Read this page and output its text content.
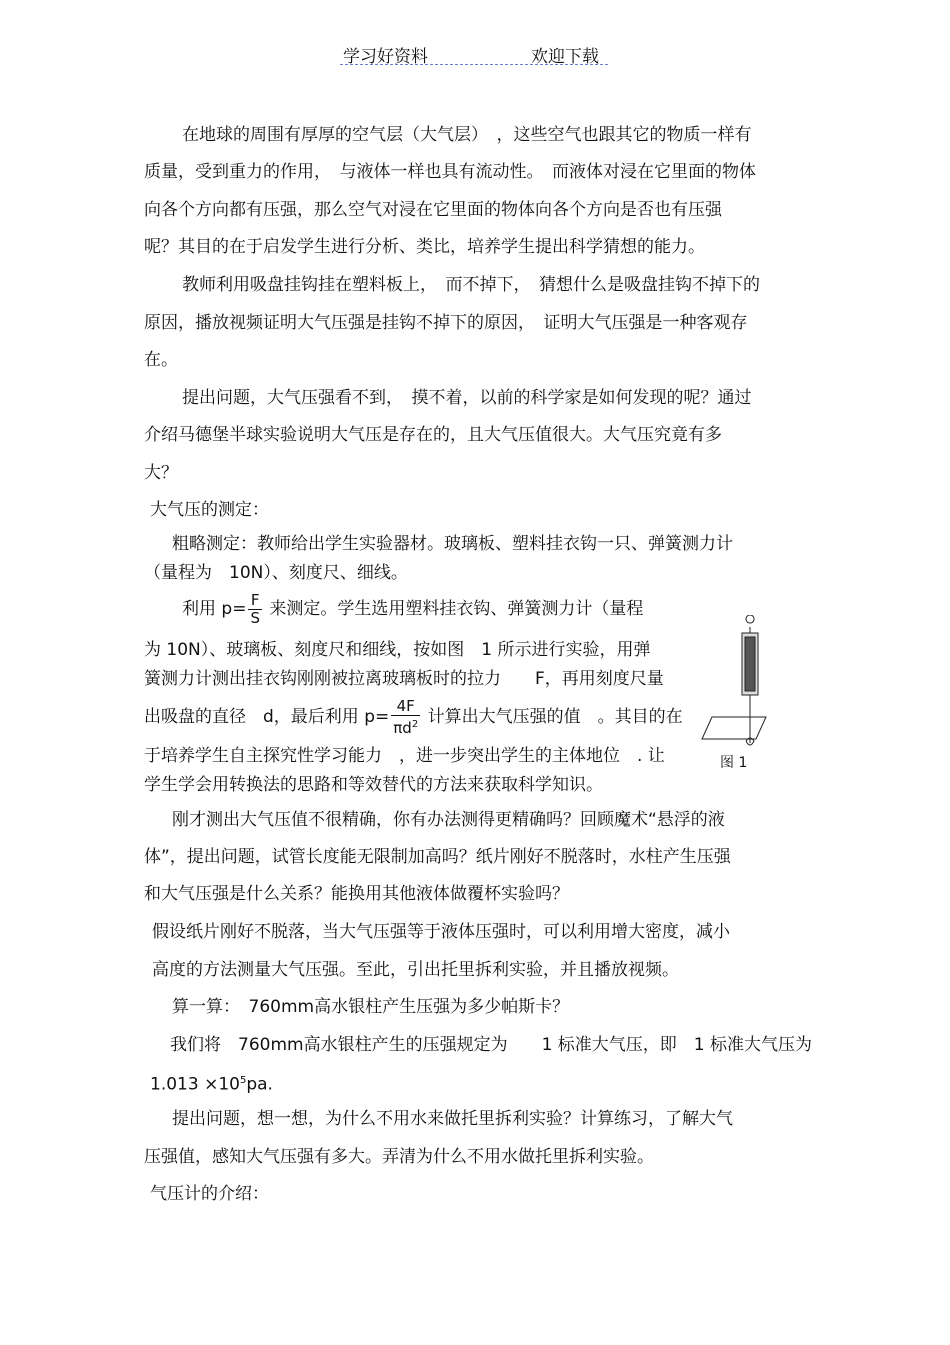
学习好资料	欢迎下载
在地球的周围有厚厚的空气层（大气层）　，这些空气也跟其它的物质一样有
质量，受到重力的作用，　与液体一样也具有流动性。　而液体对浸在它里面的物体
向各个方向都有压强，那么空气对浸在它里面的物体向各个方向是否也有压强
呢？其目的在于启发学生进行分析、类比，培养学生提出科学猜想的能力。
教师利用吸盘挂钩挂在塑料板上，　而不掉下，　猜想什么是吸盘挂钩不掉下的
原因，播放视频证明大气压强是挂钩不掉下的原因，　证明大气压强是一种客观存
在。
提出问题，大气压强看不到，　摸不着，以前的科学家是如何发现的呢？通过
介绍马德堡半球实验说明大气压是存在的，且大气压值很大。大气压究竟有多
大？
大气压的测定：
粗略测定：教师给出学生实验器材。玻璃板、塑料挂衣钩一只、弹簧测力计
（量程为　10N）、刻度尺、细线。
利用 $p= \frac{F}{S}$ 来测定。学生选用塑料挂衣钩、弹簧测力计（量程
为 10N）、玻璃板、刻度尺和细线，按如图　1 所示进行实验，用弹
簧测力计测出挂衣钩刚刚被拉离玻璃板时的拉力　　F，再用刻度尺量
出吸盘的直径　d，最后利用 $p= \frac{4F}{\pi d^2}$ 计算出大气压强的值　。其目的在
于培养学生自主探究性学习能力　，进一步突出学生的主体地位　. 让
学生学会用转换法的思路和等效替代的方法来获取科学知识。
图 1
刚才测出大气压值不很精确，你有办法测得更精确吗？回顾魔术“悬浮的液
体”，提出问题，试管长度能无限制加高吗？纸片刚好不脱落时，水柱产生压强
和大气压强是什么关系？能换用其他液体做覆杯实验吗？
假设纸片刚好不脱落，当大气压强等于液体压强时，可以利用增大密度，减小
高度的方法测量大气压强。至此，引出托里拆利实验，并且播放视频。
算一算：　760mm高水银柱产生压强为多少帕斯卡？
我们将　760mm高水银柱产生的压强规定为　　1 标准大气压，即　1 标准大气压为
$1.013 \times 10^5pa$.
提出问题，想一想，为什么不用水来做托里拆利实验？计算练习，了解大气
压强值，感知大气压强有多大。弄清为什么不用水做托里拆利实验。
气压计的介绍：
